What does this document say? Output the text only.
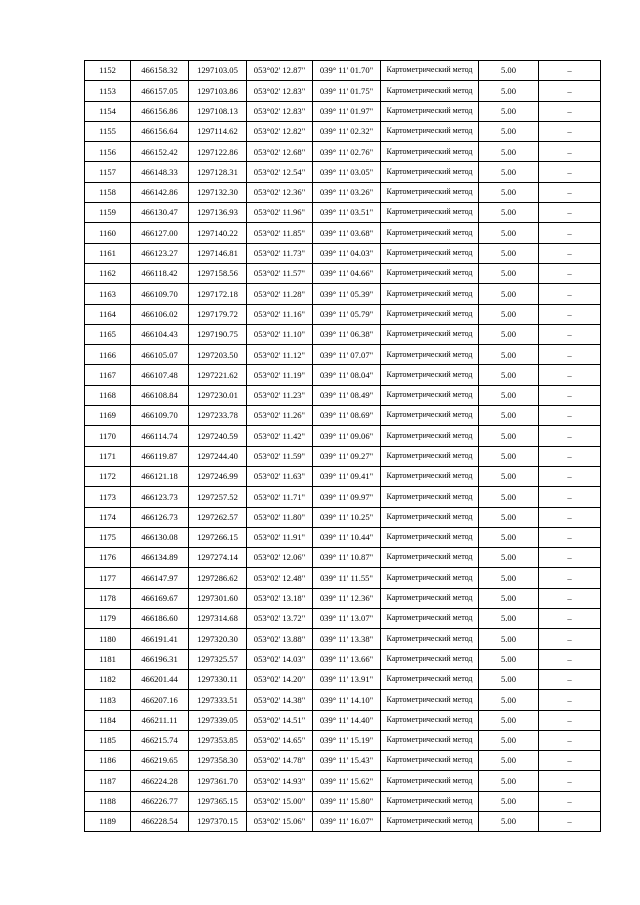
1152	466158.32	1297103.05	053°02' 12.87"	039° 11' 01.70"	Картометрический метод	5.00	–
1153	466157.05	1297103.86	053°02' 12.83"	039° 11' 01.75"	Картометрический метод	5.00	–
1154	466156.86	1297108.13	053°02' 12.83"	039° 11' 01.97"	Картометрический метод	5.00	–
1155	466156.64	1297114.62	053°02' 12.82"	039° 11' 02.32"	Картометрический метод	5.00	–
1156	466152.42	1297122.86	053°02' 12.68"	039° 11' 02.76"	Картометрический метод	5.00	–
1157	466148.33	1297128.31	053°02' 12.54"	039° 11' 03.05"	Картометрический метод	5.00	–
1158	466142.86	1297132.30	053°02' 12.36"	039° 11' 03.26"	Картометрический метод	5.00	–
1159	466130.47	1297136.93	053°02' 11.96"	039° 11' 03.51"	Картометрический метод	5.00	–
1160	466127.00	1297140.22	053°02' 11.85"	039° 11' 03.68"	Картометрический метод	5.00	–
1161	466123.27	1297146.81	053°02' 11.73"	039° 11' 04.03"	Картометрический метод	5.00	–
1162	466118.42	1297158.56	053°02' 11.57"	039° 11' 04.66"	Картометрический метод	5.00	–
1163	466109.70	1297172.18	053°02' 11.28"	039° 11' 05.39"	Картометрический метод	5.00	–
1164	466106.02	1297179.72	053°02' 11.16"	039° 11' 05.79"	Картометрический метод	5.00	–
1165	466104.43	1297190.75	053°02' 11.10"	039° 11' 06.38"	Картометрический метод	5.00	–
1166	466105.07	1297203.50	053°02' 11.12"	039° 11' 07.07"	Картометрический метод	5.00	–
1167	466107.48	1297221.62	053°02' 11.19"	039° 11' 08.04"	Картометрический метод	5.00	–
1168	466108.84	1297230.01	053°02' 11.23"	039° 11' 08.49"	Картометрический метод	5.00	–
1169	466109.70	1297233.78	053°02' 11.26"	039° 11' 08.69"	Картометрический метод	5.00	–
1170	466114.74	1297240.59	053°02' 11.42"	039° 11' 09.06"	Картометрический метод	5.00	–
1171	466119.87	1297244.40	053°02' 11.59"	039° 11' 09.27"	Картометрический метод	5.00	–
1172	466121.18	1297246.99	053°02' 11.63"	039° 11' 09.41"	Картометрический метод	5.00	–
1173	466123.73	1297257.52	053°02' 11.71"	039° 11' 09.97"	Картометрический метод	5.00	–
1174	466126.73	1297262.57	053°02' 11.80"	039° 11' 10.25"	Картометрический метод	5.00	–
1175	466130.08	1297266.15	053°02' 11.91"	039° 11' 10.44"	Картометрический метод	5.00	–
1176	466134.89	1297274.14	053°02' 12.06"	039° 11' 10.87"	Картометрический метод	5.00	–
1177	466147.97	1297286.62	053°02' 12.48"	039° 11' 11.55"	Картометрический метод	5.00	–
1178	466169.67	1297301.60	053°02' 13.18"	039° 11' 12.36"	Картометрический метод	5.00	–
1179	466186.60	1297314.68	053°02' 13.72"	039° 11' 13.07"	Картометрический метод	5.00	–
1180	466191.41	1297320.30	053°02' 13.88"	039° 11' 13.38"	Картометрический метод	5.00	–
1181	466196.31	1297325.57	053°02' 14.03"	039° 11' 13.66"	Картометрический метод	5.00	–
1182	466201.44	1297330.11	053°02' 14.20"	039° 11' 13.91"	Картометрический метод	5.00	–
1183	466207.16	1297333.51	053°02' 14.38"	039° 11' 14.10"	Картометрический метод	5.00	–
1184	466211.11	1297339.05	053°02' 14.51"	039° 11' 14.40"	Картометрический метод	5.00	–
1185	466215.74	1297353.85	053°02' 14.65"	039° 11' 15.19"	Картометрический метод	5.00	–
1186	466219.65	1297358.30	053°02' 14.78"	039° 11' 15.43"	Картометрический метод	5.00	–
1187	466224.28	1297361.70	053°02' 14.93"	039° 11' 15.62"	Картометрический метод	5.00	–
1188	466226.77	1297365.15	053°02' 15.00"	039° 11' 15.80"	Картометрический метод	5.00	–
1189	466228.54	1297370.15	053°02' 15.06"	039° 11' 16.07"	Картометрический метод	5.00	–
